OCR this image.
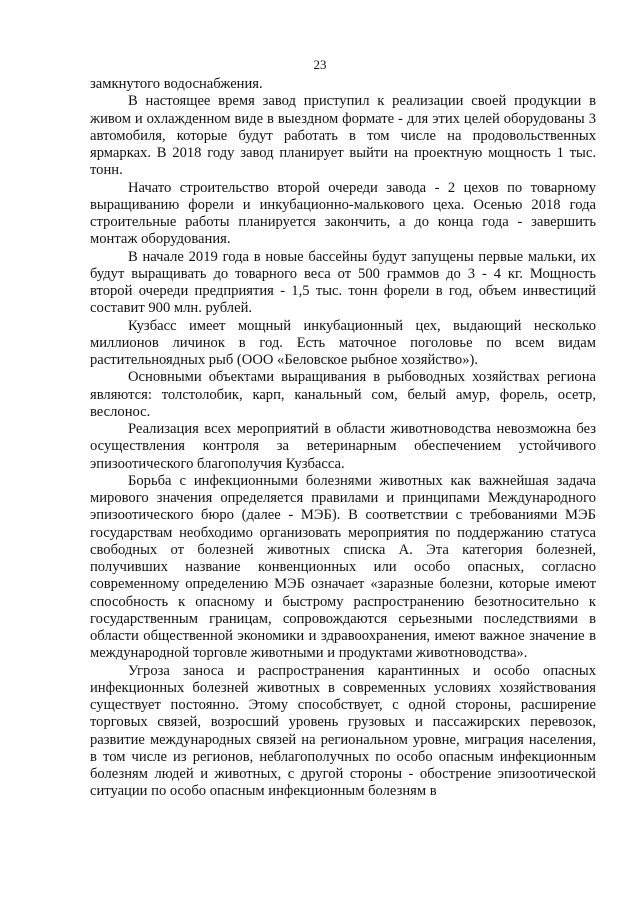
23

замкнутого водоснабжения.

В настоящее время завод приступил к реализации своей продукции в живом и охлажденном виде в выездном формате - для этих целей оборудованы 3 автомобиля, которые будут работать в том числе на продовольственных ярмарках. В 2018 году завод планирует выйти на проектную мощность 1 тыс. тонн.

Начато строительство второй очереди завода - 2 цехов по товарному выращиванию форели и инкубационно-малькового цеха. Осенью 2018 года строительные работы планируется закончить, а до конца года - завершить монтаж оборудования.

В начале 2019 года в новые бассейны будут запущены первые мальки, их будут выращивать до товарного веса от 500 граммов до 3 - 4 кг. Мощность второй очереди предприятия - 1,5 тыс. тонн форели в год, объем инвестиций составит 900 млн. рублей.

Кузбасс имеет мощный инкубационный цех, выдающий несколько миллионов личинок в год. Есть маточное поголовье по всем видам растительноядных рыб (ООО «Беловское рыбное хозяйство»).

Основными объектами выращивания в рыбоводных хозяйствах региона являются: толстолобик, карп, канальный сом, белый амур, форель, осетр, веслонос.

Реализация всех мероприятий в области животноводства невозможна без осуществления контроля за ветеринарным обеспечением устойчивого эпизоотического благополучия Кузбасса.

Борьба с инфекционными болезнями животных как важнейшая задача мирового значения определяется правилами и принципами Международного эпизоотического бюро (далее - МЭБ). В соответствии с требованиями МЭБ государствам необходимо организовать мероприятия по поддержанию статуса свободных от болезней животных списка А. Эта категория болезней, получивших название конвенционных или особо опасных, согласно современному определению МЭБ означает «заразные болезни, которые имеют способность к опасному и быстрому распространению безотносительно к государственным границам, сопровождаются серьезными последствиями в области общественной экономики и здравоохранения, имеют важное значение в международной торговле животными и продуктами животноводства».

Угроза заноса и распространения карантинных и особо опасных инфекционных болезней животных в современных условиях хозяйствования существует постоянно. Этому способствует, с одной стороны, расширение торговых связей, возросший уровень грузовых и пассажирских перевозок, развитие международных связей на региональном уровне, миграция населения, в том числе из регионов, неблагополучных по особо опасным инфекционным болезням людей и животных, с другой стороны - обострение эпизоотической ситуации по особо опасным инфекционным болезням в
